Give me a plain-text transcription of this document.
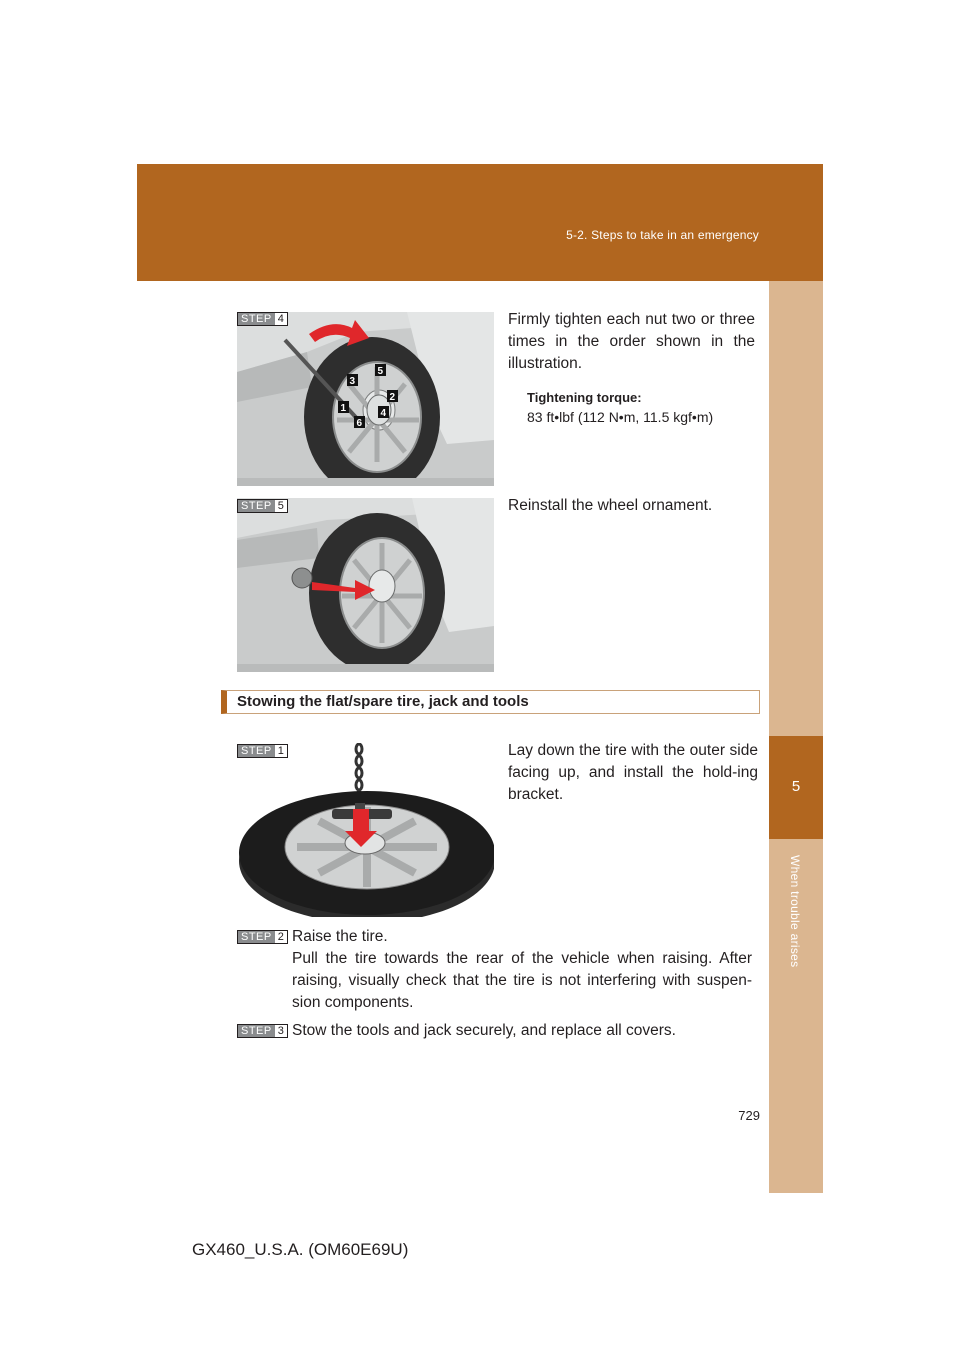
5-2. Steps to take in an emergency
5
When trouble arises
1
2
3
4
5
6
STEP 4	Firmly tighten each nut two or three times in the order shown in the illustration.
Tightening torque:
83 ft•lbf (112 N•m, 11.5 kgf•m)
STEP 5	Reinstall the wheel ornament.
Stowing the flat/spare tire, jack and tools
STEP 1	Lay down the tire with the outer side facing up, and install the hold-ing bracket.
STEP 2 Raise the tire.
Pull the tire towards the rear of the vehicle when raising. After
raising, visually check that the tire is not interfering with suspen-
sion components.
STEP 3 Stow the tools and jack securely, and replace all covers.
729
GX460_U.S.A. (OM60E69U)
